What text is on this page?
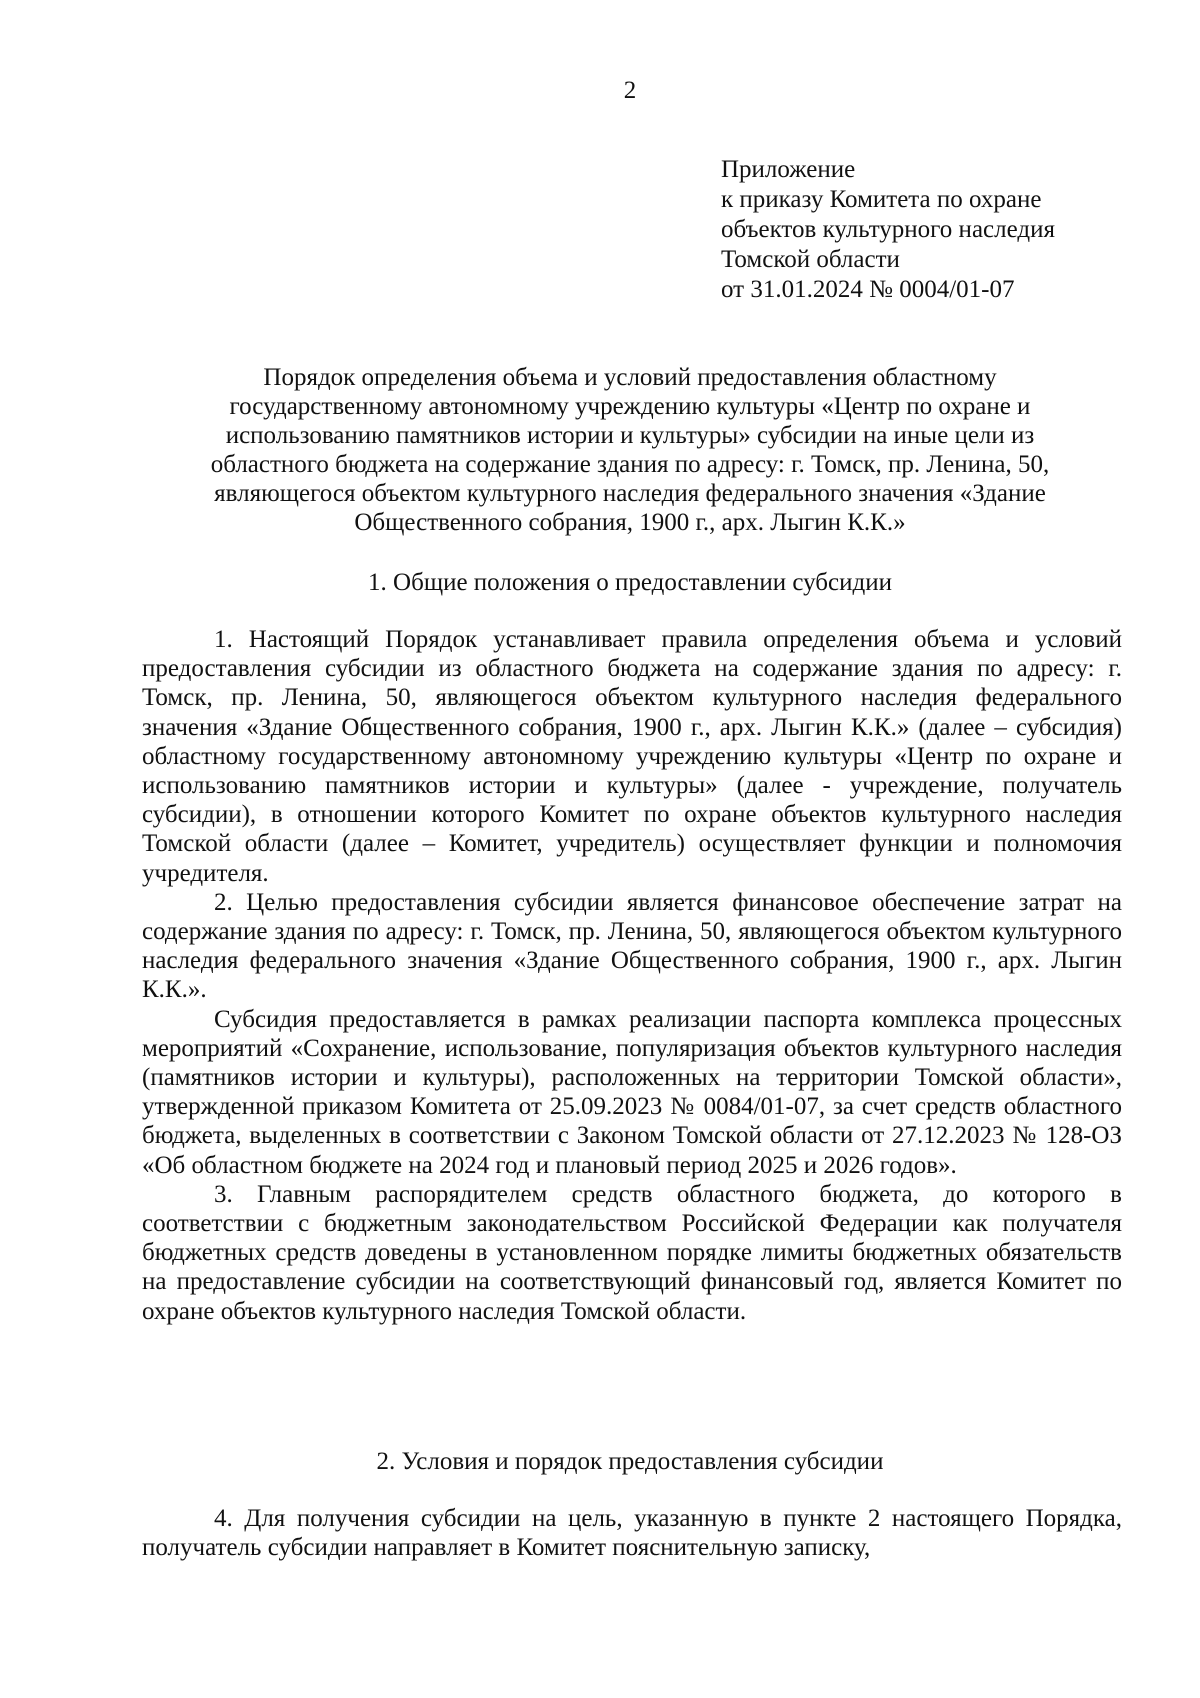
2
Приложение
к приказу Комитета по охране
объектов культурного наследия
Томской области
от 31.01.2024 № 0004/01-07
Порядок определения объема и условий предоставления областному
государственному автономному учреждению культуры «Центр по охране и
использованию памятников истории и культуры» субсидии на иные цели из
областного бюджета на содержание здания по адресу: г. Томск, пр. Ленина, 50,
являющегося объектом культурного наследия федерального значения «Здание
Общественного собрания, 1900 г., арх. Лыгин К.К.»
1. Общие положения о предоставлении субсидии

1. Настоящий Порядок устанавливает правила определения объема и условий предоставления субсидии из областного бюджета на содержание здания по адресу: г. Томск, пр. Ленина, 50, являющегося объектом культурного наследия федерального значения «Здание Общественного собрания, 1900 г., арх. Лыгин К.К.» (далее – субсидия) областному государственному автономному учреждению культуры «Центр по охране и использованию памятников истории и культуры» (далее - учреждение, получатель субсидии), в отношении которого Комитет по охране объектов культурного наследия Томской области (далее – Комитет, учредитель) осуществляет функции и полномочия учредителя.

2. Целью предоставления субсидии является финансовое обеспечение затрат на содержание здания по адресу: г. Томск, пр. Ленина, 50, являющегося объектом культурного наследия федерального значения «Здание Общественного собрания, 1900 г., арх. Лыгин К.К.».

Субсидия предоставляется в рамках реализации паспорта комплекса процессных мероприятий «Сохранение, использование, популяризация объектов культурного наследия (памятников истории и культуры), расположенных на территории Томской области», утвержденной приказом Комитета от 25.09.2023 № 0084/01-07, за счет средств областного бюджета, выделенных в соответствии с Законом Томской области от 27.12.2023 № 128-ОЗ «Об областном бюджете на 2024 год и плановый период 2025 и 2026 годов».

3. Главным распорядителем средств областного бюджета, до которого в соответствии с бюджетным законодательством Российской Федерации как получателя бюджетных средств доведены в установленном порядке лимиты бюджетных обязательств на предоставление субсидии на соответствующий финансовый год, является Комитет по охране объектов культурного наследия Томской области.

2. Условия и порядок предоставления субсидии

4. Для получения субсидии на цель, указанную в пункте 2 настоящего Порядка, получатель субсидии направляет в Комитет пояснительную записку,
